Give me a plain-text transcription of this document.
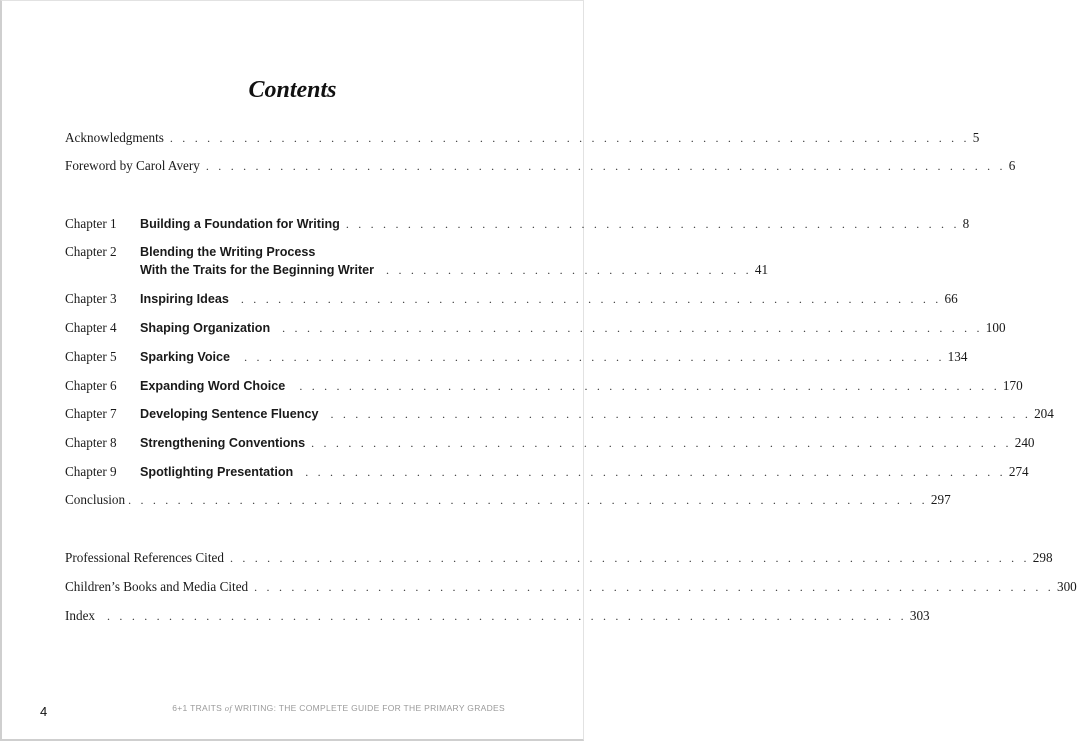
Contents
Acknowledgments . . . . . . . . . . . . . . . . . . . . . . . . . . . . . . . . . . . . . . . . . . . . . . . . . . . . . . . . . . . . . . . . . 5
Foreword by Carol Avery . . . . . . . . . . . . . . . . . . . . . . . . . . . . . . . . . . . . . . . . . . . . . . . . . . . . . . . . . . . . . . . . . 6
Chapter 1	Building a Foundation for Writing . . . . . . . . . . . . . . . . . . . . . . . . . . . . . . . . . . . . . . . . . . . . . . . . . . 8
Chapter 2	Blending the Writing Process
With the Traits for the Beginning Writer . . . . . . . . . . . . . . . . . . . . . . . . . . . . . . 41
Chapter 3	Inspiring Ideas . . . . . . . . . . . . . . . . . . . . . . . . . . . . . . . . . . . . . . . . . . . . . . . . . . . . . . . . . 66
Chapter 4	Shaping Organization . . . . . . . . . . . . . . . . . . . . . . . . . . . . . . . . . . . . . . . . . . . . . . . . . . . . . . . . . 100
Chapter 5	Sparking Voice . . . . . . . . . . . . . . . . . . . . . . . . . . . . . . . . . . . . . . . . . . . . . . . . . . . . . . . . . 134
Chapter 6	Expanding Word Choice . . . . . . . . . . . . . . . . . . . . . . . . . . . . . . . . . . . . . . . . . . . . . . . . . . . . . . . . . 170
Chapter 7	Developing Sentence Fluency . . . . . . . . . . . . . . . . . . . . . . . . . . . . . . . . . . . . . . . . . . . . . . . . . . . . . . . . . 204
Chapter 8	Strengthening Conventions . . . . . . . . . . . . . . . . . . . . . . . . . . . . . . . . . . . . . . . . . . . . . . . . . . . . . . . . . 240
Chapter 9	Spotlighting Presentation . . . . . . . . . . . . . . . . . . . . . . . . . . . . . . . . . . . . . . . . . . . . . . . . . . . . . . . . . 274
Conclusion . . . . . . . . . . . . . . . . . . . . . . . . . . . . . . . . . . . . . . . . . . . . . . . . . . . . . . . . . . . . . . . . . 297
Professional References Cited . . . . . . . . . . . . . . . . . . . . . . . . . . . . . . . . . . . . . . . . . . . . . . . . . . . . . . . . . . . . . . . . . 298
Children’s Books and Media Cited . . . . . . . . . . . . . . . . . . . . . . . . . . . . . . . . . . . . . . . . . . . . . . . . . . . . . . . . . . . . . . . . . 300
Index . . . . . . . . . . . . . . . . . . . . . . . . . . . . . . . . . . . . . . . . . . . . . . . . . . . . . . . . . . . . . . . . . 303
4	6+1 TRAITS of WRITING: THE COMPLETE GUIDE FOR THE PRIMARY GRADES
